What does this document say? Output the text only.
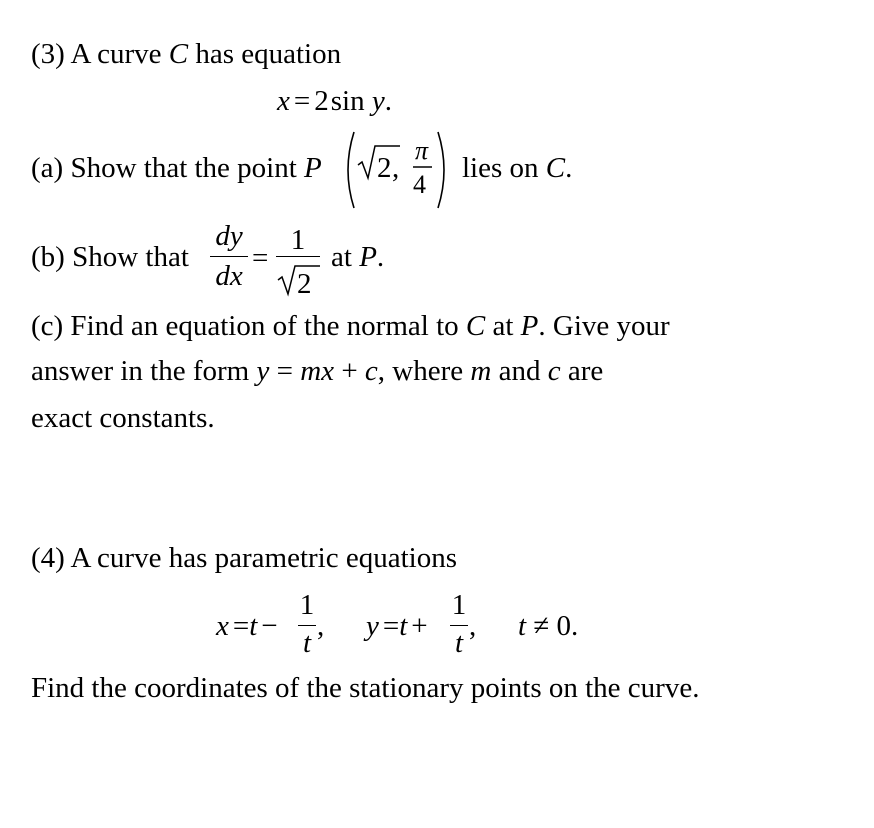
(3) A curve C has equation
x = 2sin y.
(a) Show that the point P 2 ,
π
4
lies on C.
(b) Show that
dy
dx
=
1
2
at P.
(c) Find an equation of the normal to C at P. Give your
answer in the form y = mx + c, where m and c are
exact constants.
(4) A curve has parametric equations
x =t −
1
t
, y =t +
1
t
, t ≠ 0.
Find the coordinates of the stationary points on the curve.
